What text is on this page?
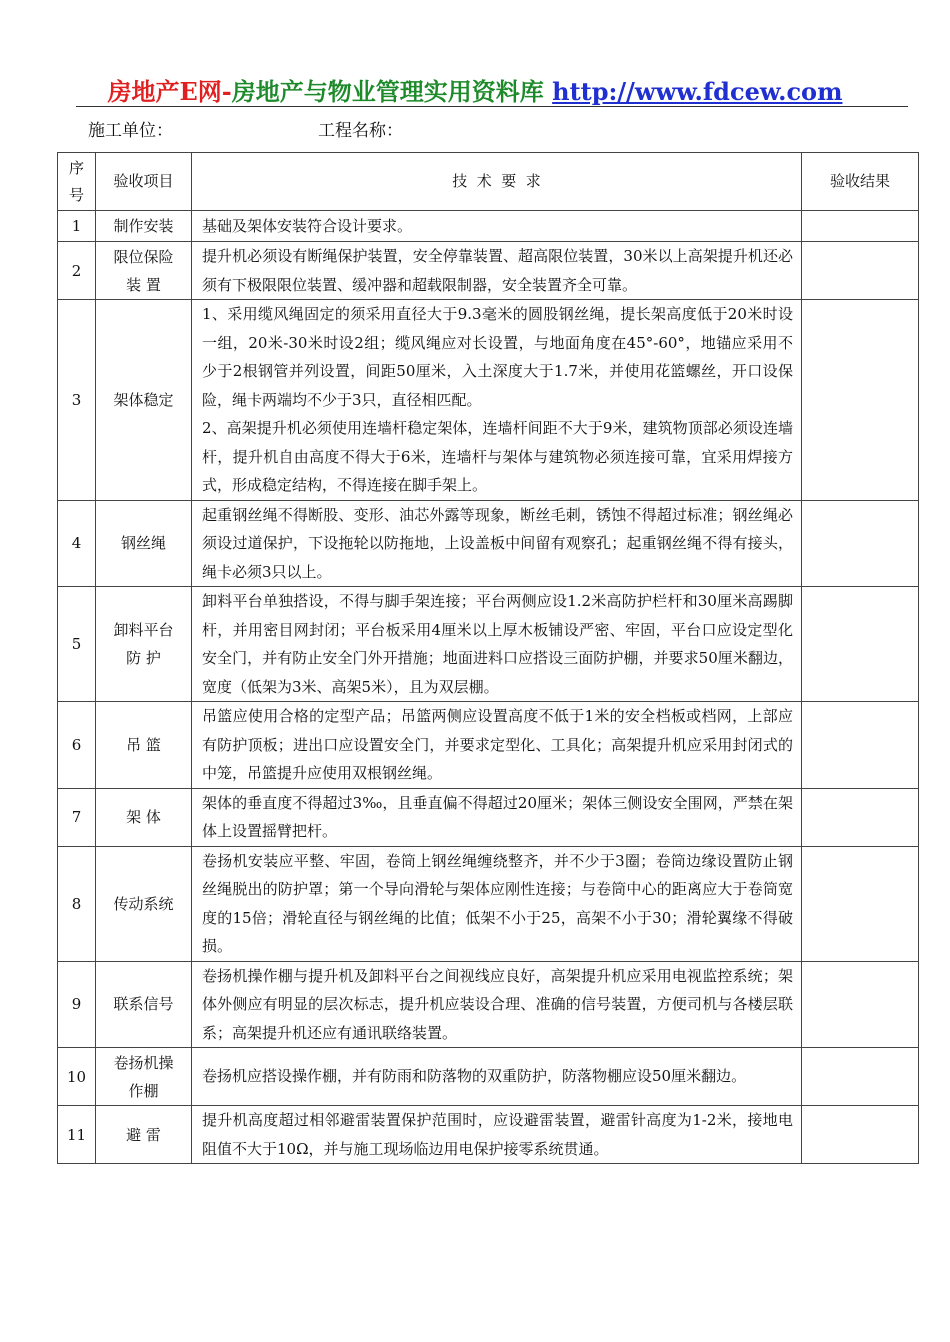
房地产E网-房地产与物业管理实用资料库 http://www.fdcew.com
施工单位：	工程名称：
序
号	验收项目	技  术  要  求	验收结果
1	制作安装	基础及架体安装符合设计要求。	

2	限位保险
装 置	提升机必须设有断绳保护装置，安全停靠装置、超高限位装置，30米以上高架提升机还必须有下极限限位装置、缓冲器和超载限制器，安全装置齐全可靠。	

3	架体稳定	1、采用缆风绳固定的须采用直径大于9.3毫米的圆股钢丝绳，提长架高度低于20米时设一组，20米-30米时设2组；缆风绳应对长设置，与地面角度在45°-60°，地锚应采用不少于2根钢管并列设置，间距50厘米，入土深度大于1.7米，并使用花篮螺丝，开口设保险，绳卡两端均不少于3只，直径相匹配。

2、高架提升机必须使用连墙杆稳定架体，连墙杆间距不大于9米，建筑物顶部必须设连墙杆，提升机自由高度不得大于6米，连墙杆与架体与建筑物必须连接可靠，宜采用焊接方式，形成稳定结构，不得连接在脚手架上。	

4	钢丝绳	起重钢丝绳不得断股、变形、油芯外露等现象，断丝毛刺，锈蚀不得超过标准；钢丝绳必须设过道保护，下设拖轮以防拖地，上设盖板中间留有观察孔；起重钢丝绳不得有接头，绳卡必须3只以上。	

5	卸料平台
防 护	卸料平台单独搭设，不得与脚手架连接；平台两侧应设1.2米高防护栏杆和30厘米高踢脚杆，并用密目网封闭；平台板采用4厘米以上厚木板铺设严密、牢固，平台口应设定型化安全门，并有防止安全门外开措施；地面进料口应搭设三面防护棚，并要求50厘米翻边，宽度（低架为3米、高架5米），且为双层棚。	

6	吊 篮	吊篮应使用合格的定型产品；吊篮两侧应设置高度不低于1米的安全档板或档网，上部应有防护顶板；进出口应设置安全门，并要求定型化、工具化；高架提升机应采用封闭式的中笼，吊篮提升应使用双根钢丝绳。	

7	架 体	架体的垂直度不得超过3‰，且垂直偏不得超过20厘米；架体三侧设安全围网，严禁在架体上设置摇臂把杆。	

8	传动系统	卷扬机安装应平整、牢固，卷筒上钢丝绳缠绕整齐，并不少于3圈；卷筒边缘设置防止钢丝绳脱出的防护罩；第一个导向滑轮与架体应刚性连接；与卷筒中心的距离应大于卷筒宽度的15倍；滑轮直径与钢丝绳的比值；低架不小于25，高架不小于30；滑轮翼缘不得破损。	

9	联系信号	卷扬机操作棚与提升机及卸料平台之间视线应良好，高架提升机应采用电视监控系统；架体外侧应有明显的层次标志，提升机应装设合理、准确的信号装置，方便司机与各楼层联系；高架提升机还应有通讯联络装置。	

10	卷扬机操
作棚	卷扬机应搭设操作棚，并有防雨和防落物的双重防护，防落物棚应设50厘米翻边。	

11	避 雷	提升机高度超过相邻避雷装置保护范围时，应设避雷装置，避雷针高度为1-2米，接地电阻值不大于10Ω，并与施工现场临边用电保护接零系统贯通。	
